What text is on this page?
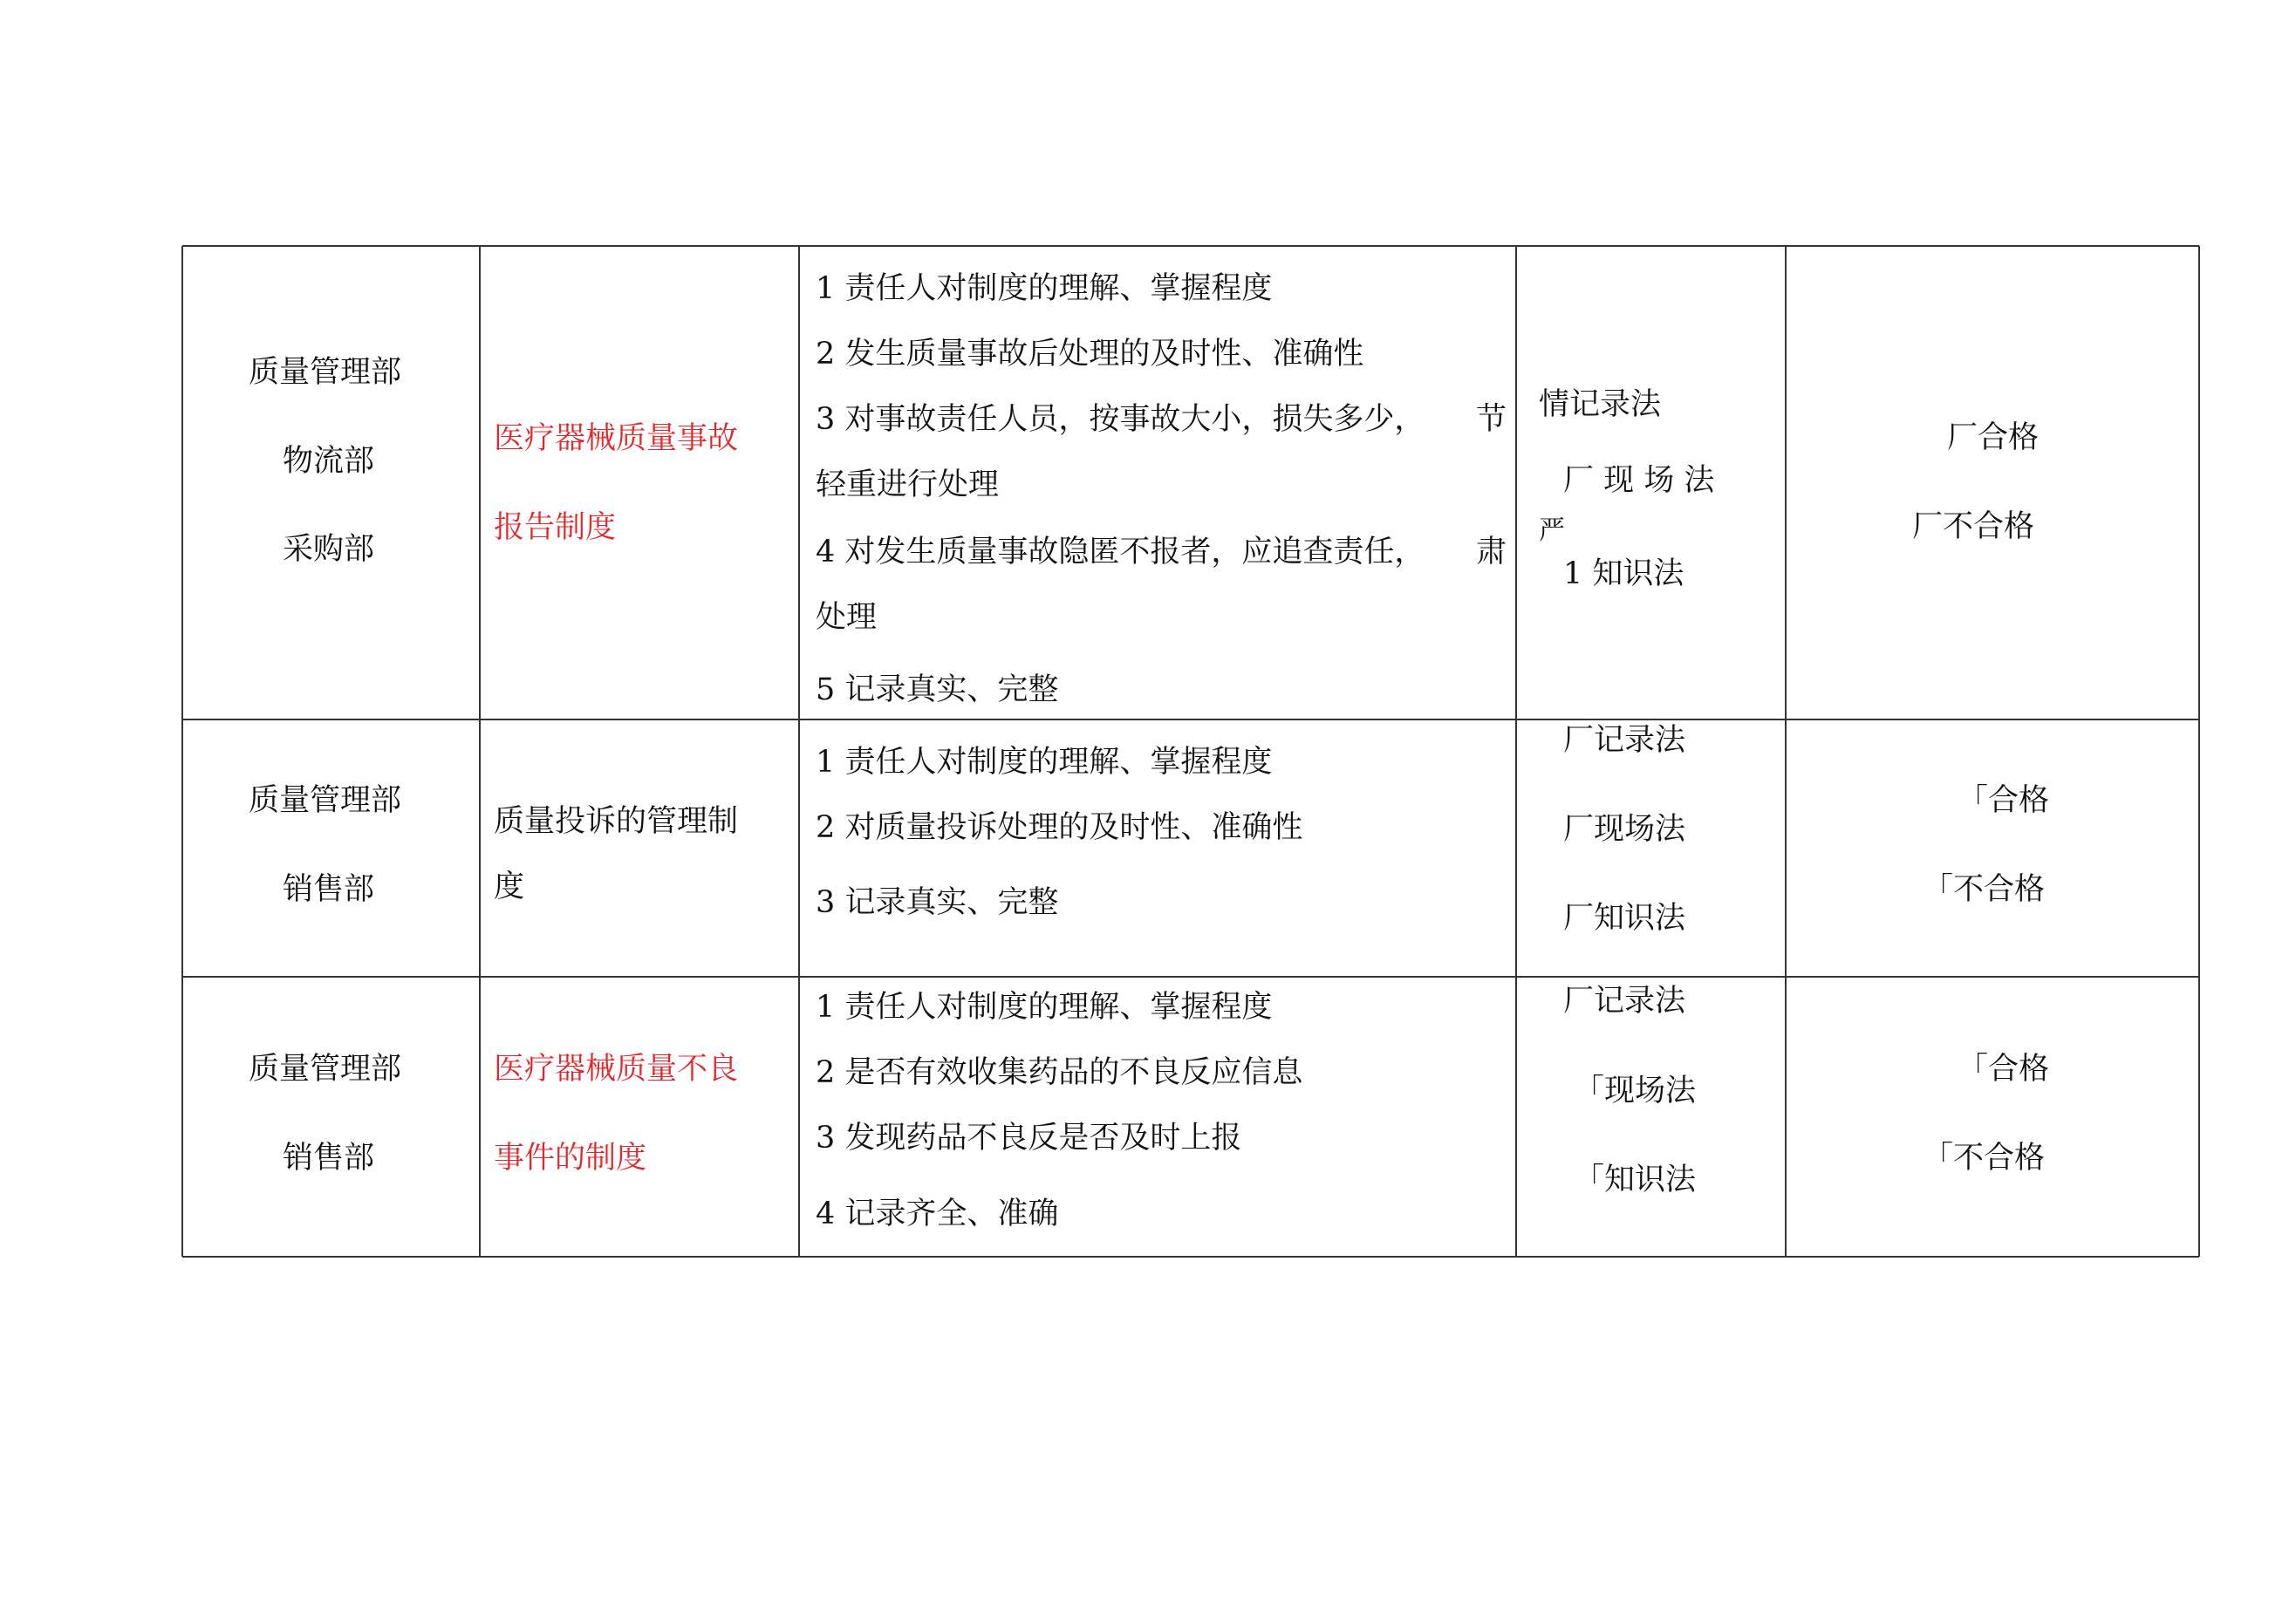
质量管理部
物流部
采购部
医疗器械质量事故
报告制度
1 责任人对制度的理解、掌握程度
2 发生质量事故后处理的及时性、准确性
3 对事故责任人员，按事故大小，损失多少， 节
轻重进行处理
4 对发生质量事故隐匿不报者，应追查责任， 肃
处理
5 记录真实、完整
情记录法
厂 现 场 法
严
1 知识法
厂合格
厂不合格
质量管理部
销售部
质量投诉的管理制
度
1 责任人对制度的理解、掌握程度
2 对质量投诉处理的及时性、准确性
3 记录真实、完整
厂记录法
厂现场法
厂知识法
「合格
「不合格
质量管理部
销售部
医疗器械质量不良
事件的制度
1 责任人对制度的理解、掌握程度
2 是否有效收集药品的不良反应信息
3 发现药品不良反是否及时上报
4 记录齐全、准确
厂记录法
「现场法
「知识法
「合格
「不合格
